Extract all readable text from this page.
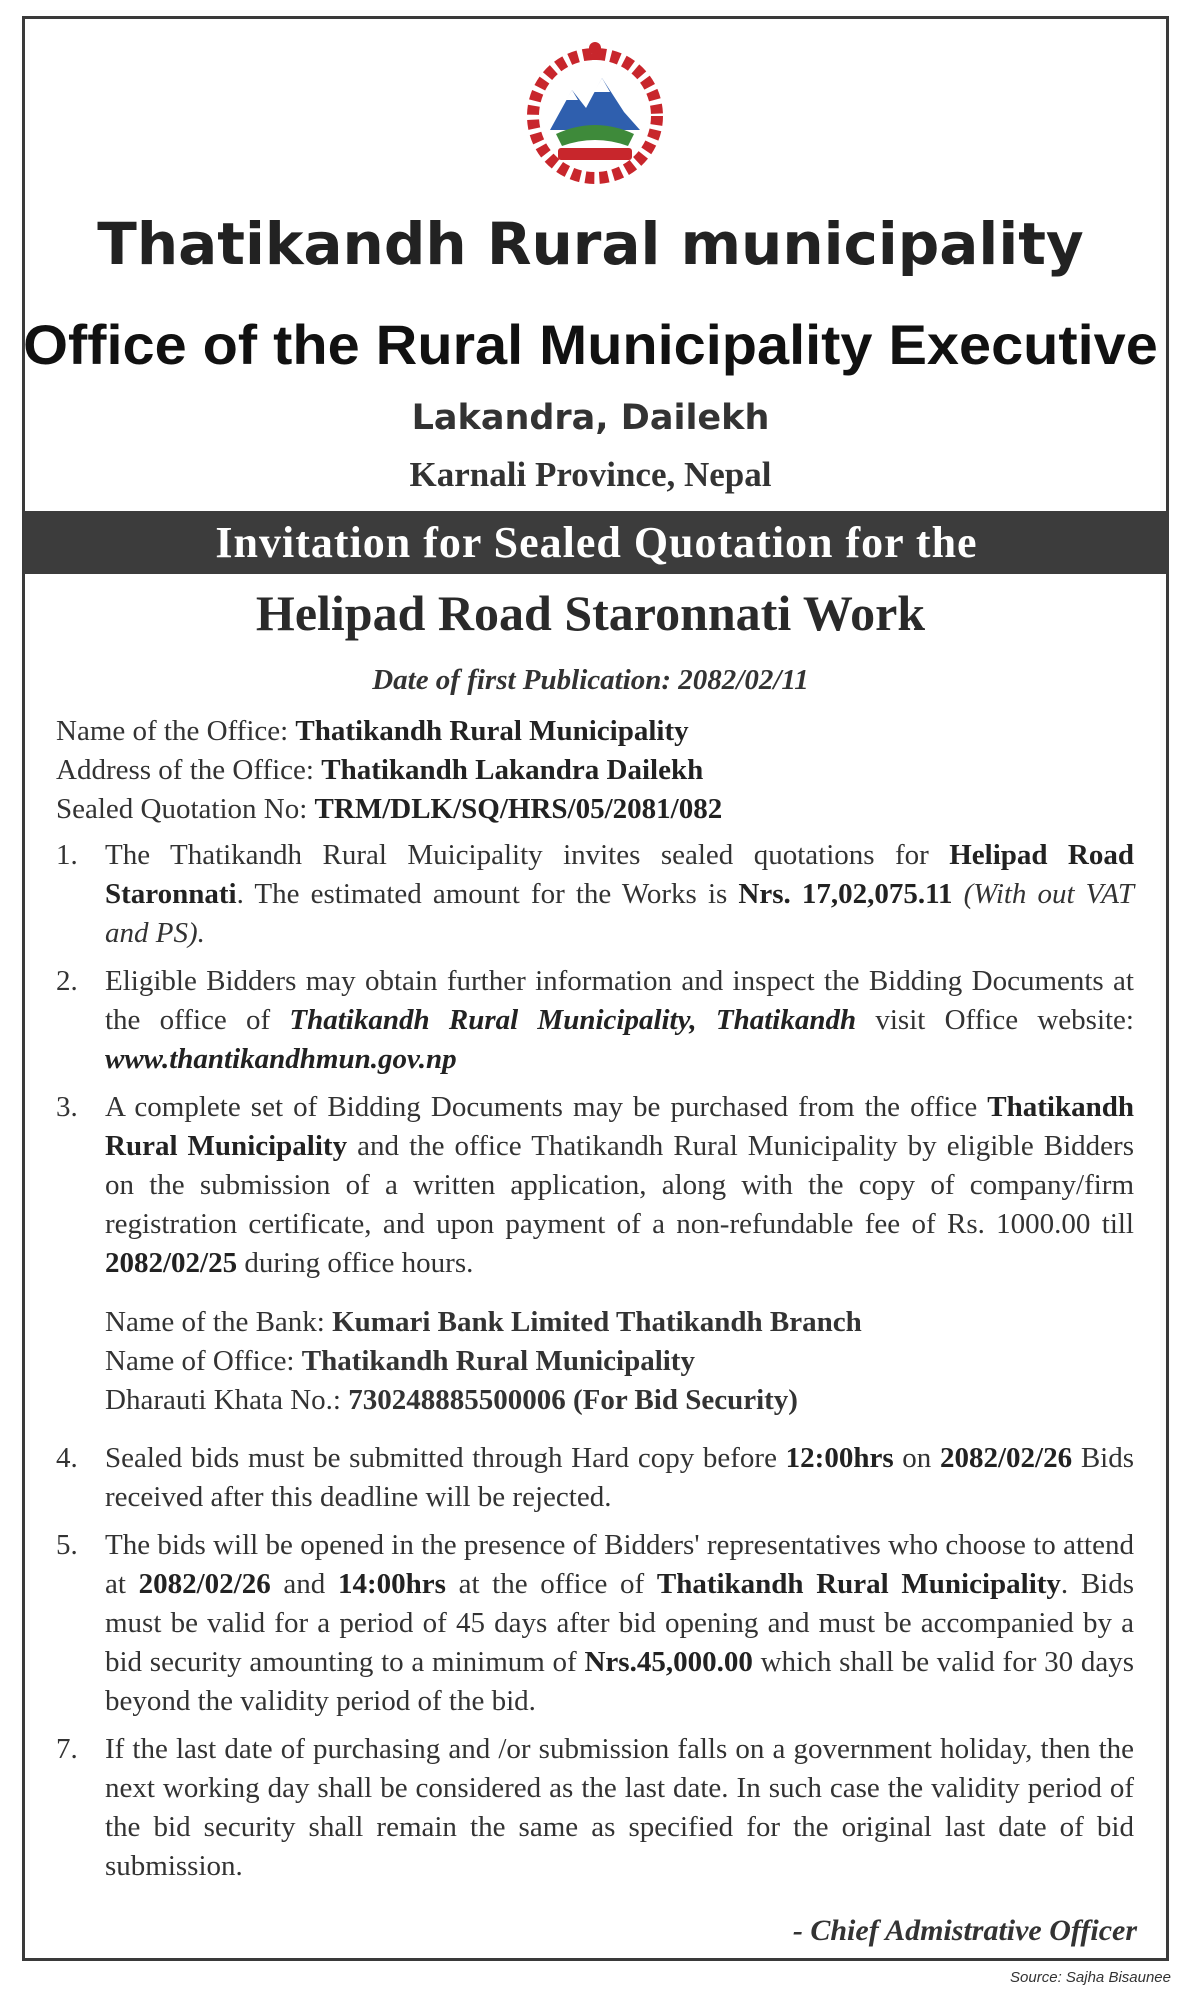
Thatikandh Rural municipality
Office of the Rural Municipality Executive
Lakandra, Dailekh
Karnali Province, Nepal
Invitation for Sealed Quotation for the
Helipad Road Staronnati Work
Date of first Publication: 2082/02/11
Name of the Office: Thatikandh Rural Municipality
Address of the Office: Thatikandh Lakandra Dailekh
Sealed Quotation No: TRM/DLK/SQ/HRS/05/2081/082
1. The Thatikandh Rural Muicipality invites sealed quotations for Helipad Road Staronnati. The estimated amount for the Works is Nrs. 17,02,075.11 (With out VAT and PS).
2. Eligible Bidders may obtain further information and inspect the Bidding Documents at the office of Thatikandh Rural Municipality, Thatikandh visit Office website: www.thantikandhmun.gov.np
3. A complete set of Bidding Documents may be purchased from the office Thatikandh Rural Municipality and the office Thatikandh Rural Municipality by eligible Bidders on the submission of a written application, along with the copy of company/firm registration certificate, and upon payment of a non-refundable fee of Rs. 1000.00 till 2082/02/25 during office hours.
Name of the Bank: Kumari Bank Limited Thatikandh Branch
Name of Office: Thatikandh Rural Municipality
Dharauti Khata No.: 730248885500006 (For Bid Security)
4. Sealed bids must be submitted through Hard copy before 12:00hrs on 2082/02/26 Bids received after this deadline will be rejected.
5. The bids will be opened in the presence of Bidders' representatives who choose to attend at 2082/02/26 and 14:00hrs at the office of Thatikandh Rural Municipality. Bids must be valid for a period of 45 days after bid opening and must be accompanied by a bid security amounting to a minimum of Nrs.45,000.00 which shall be valid for 30 days beyond the validity period of the bid.
7. If the last date of purchasing and /or submission falls on a government holiday, then the next working day shall be considered as the last date. In such case the validity period of the bid security shall remain the same as specified for the original last date of bid submission.
- Chief Admistrative Officer
Source: Sajha Bisaunee
